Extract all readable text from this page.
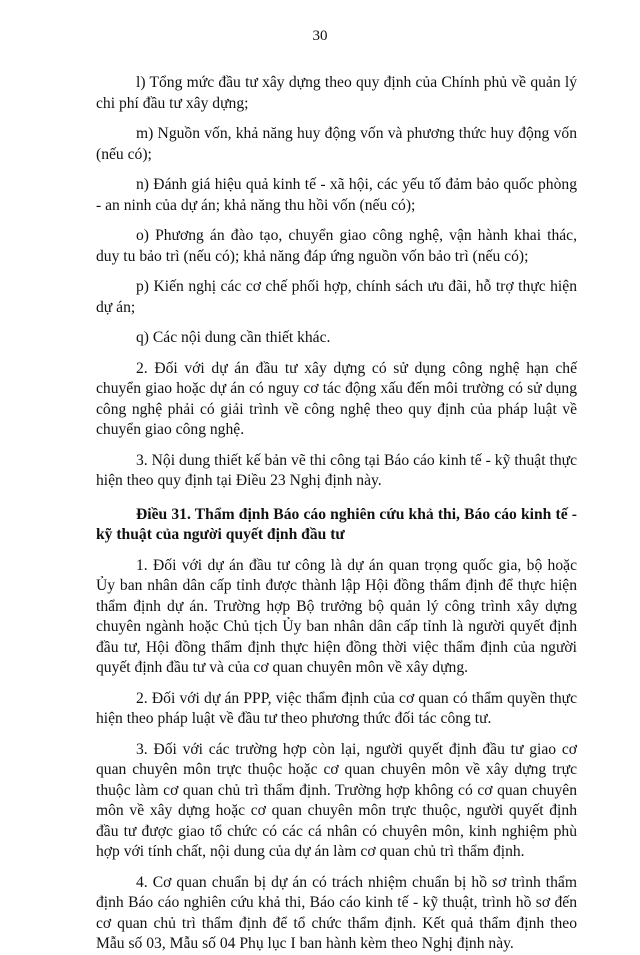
30

l) Tổng mức đầu tư xây dựng theo quy định của Chính phủ về quản lý chi phí đầu tư xây dựng;

m) Nguồn vốn, khả năng huy động vốn và phương thức huy động vốn (nếu có);

n) Đánh giá hiệu quả kinh tế - xã hội, các yếu tố đảm bảo quốc phòng - an ninh của dự án; khả năng thu hồi vốn (nếu có);

o) Phương án đào tạo, chuyển giao công nghệ, vận hành khai thác, duy tu bảo trì (nếu có); khả năng đáp ứng nguồn vốn bảo trì (nếu có);

p) Kiến nghị các cơ chế phối hợp, chính sách ưu đãi, hỗ trợ thực hiện dự án;

q) Các nội dung cần thiết khác.

2. Đối với dự án đầu tư xây dựng có sử dụng công nghệ hạn chế chuyển giao hoặc dự án có nguy cơ tác động xấu đến môi trường có sử dụng công nghệ phải có giải trình về công nghệ theo quy định của pháp luật về chuyển giao công nghệ.

3. Nội dung thiết kế bản vẽ thi công tại Báo cáo kinh tế - kỹ thuật thực hiện theo quy định tại Điều 23 Nghị định này.

Điều 31. Thẩm định Báo cáo nghiên cứu khả thi, Báo cáo kinh tế - kỹ thuật của người quyết định đầu tư

1. Đối với dự án đầu tư công là dự án quan trọng quốc gia, bộ hoặc Ủy ban nhân dân cấp tỉnh được thành lập Hội đồng thẩm định để thực hiện thẩm định dự án. Trường hợp Bộ trưởng bộ quản lý công trình xây dựng chuyên ngành hoặc Chủ tịch Ủy ban nhân dân cấp tỉnh là người quyết định đầu tư, Hội đồng thẩm định thực hiện đồng thời việc thẩm định của người quyết định đầu tư và của cơ quan chuyên môn về xây dựng.

2. Đối với dự án PPP, việc thẩm định của cơ quan có thẩm quyền thực hiện theo pháp luật về đầu tư theo phương thức đối tác công tư.

3. Đối với các trường hợp còn lại, người quyết định đầu tư giao cơ quan chuyên môn trực thuộc hoặc cơ quan chuyên môn về xây dựng trực thuộc làm cơ quan chủ trì thẩm định. Trường hợp không có cơ quan chuyên môn về xây dựng hoặc cơ quan chuyên môn trực thuộc, người quyết định đầu tư được giao tổ chức có các cá nhân có chuyên môn, kinh nghiệm phù hợp với tính chất, nội dung của dự án làm cơ quan chủ trì thẩm định.

4. Cơ quan chuẩn bị dự án có trách nhiệm chuẩn bị hồ sơ trình thẩm định Báo cáo nghiên cứu khả thi, Báo cáo kinh tế - kỹ thuật, trình hồ sơ đến cơ quan chủ trì thẩm định để tổ chức thẩm định. Kết quả thẩm định theo Mẫu số 03, Mẫu số 04 Phụ lục I ban hành kèm theo Nghị định này.
